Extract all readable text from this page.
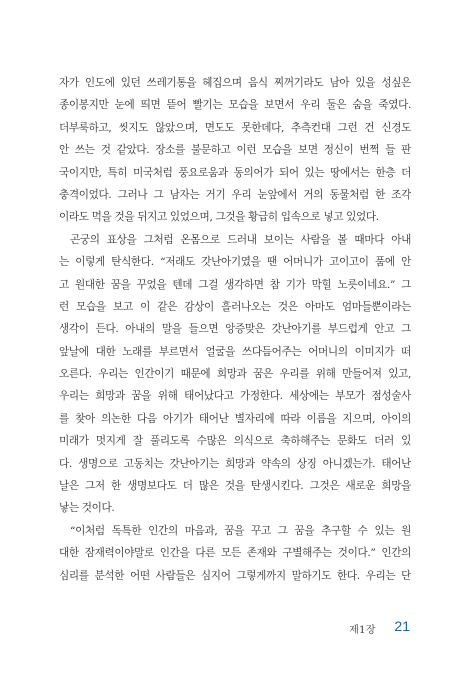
자가 인도에 있던 쓰레기통을 헤집으며 음식 찌꺼기라도 남아 있을 성싶은
종이봉지만 눈에 띄면 뜯어 빨기는 모습을 보면서 우리 둘은 숨을 죽였다.
더부룩하고, 씻지도 않았으며, 면도도 못한데다, 추측컨대 그런 건 신경도
안 쓰는 것 같았다. 장소를 불문하고 이런 모습을 보면 정신이 번쩍 들 판
국이지만, 특히 미국처럼 풍요로움과 동의어가 되어 있는 땅에서는 한층 더
충격이었다. 그러나 그 남자는 거기 우리 눈앞에서 거의 동물처럼 한 조각
이라도 먹을 것을 뒤지고 있었으며, 그것을 황급히 입속으로 넣고 있었다.
곤궁의 표상을 그처럼 온몸으로 드러내 보이는 사람을 볼 때마다 아내
는 이렇게 탄식한다. “저래도 갓난아기였을 땐 어머니가 고이고이 품에 안
고 원대한 꿈을 꾸었을 텐데 그걸 생각하면 참 기가 막힐 노릇이네요.” 그
런 모습을 보고 이 같은 감상이 흘러나오는 것은 아마도 엄마들뿐이라는
생각이 든다. 아내의 말을 들으면 앙증맞은 갓난아기를 부드럽게 안고 그
앞날에 대한 노래를 부르면서 얼굴을 쓰다듬어주는 어머니의 이미지가 떠
오른다. 우리는 인간이기 때문에 희망과 꿈은 우리를 위해 만들어져 있고,
우리는 희망과 꿈을 위해 태어났다고 가정한다. 세상에는 부모가 점성술사
를 찾아 의논한 다음 아기가 태어난 별자리에 따라 이름을 지으며, 아이의
미래가 멋지게 잘 풀리도록 수많은 의식으로 축하해주는 문화도 더러 있
다. 생명으로 고동치는 갓난아기는 희망과 약속의 상징 아니겠는가. 태어난
날은 그저 한 생명보다도 더 많은 것을 탄생시킨다. 그것은 새로운 희망을
낳는 것이다.
“이처럼 독특한 인간의 마음과, 꿈을 꾸고 그 꿈을 추구할 수 있는 원
대한 잠재력이야말로 인간을 다른 모든 존재와 구별해주는 것이다.” 인간의
심리를 분석한 어떤 사람들은 심지어 그렇게까지 말하기도 한다. 우리는 단
제1장 21
